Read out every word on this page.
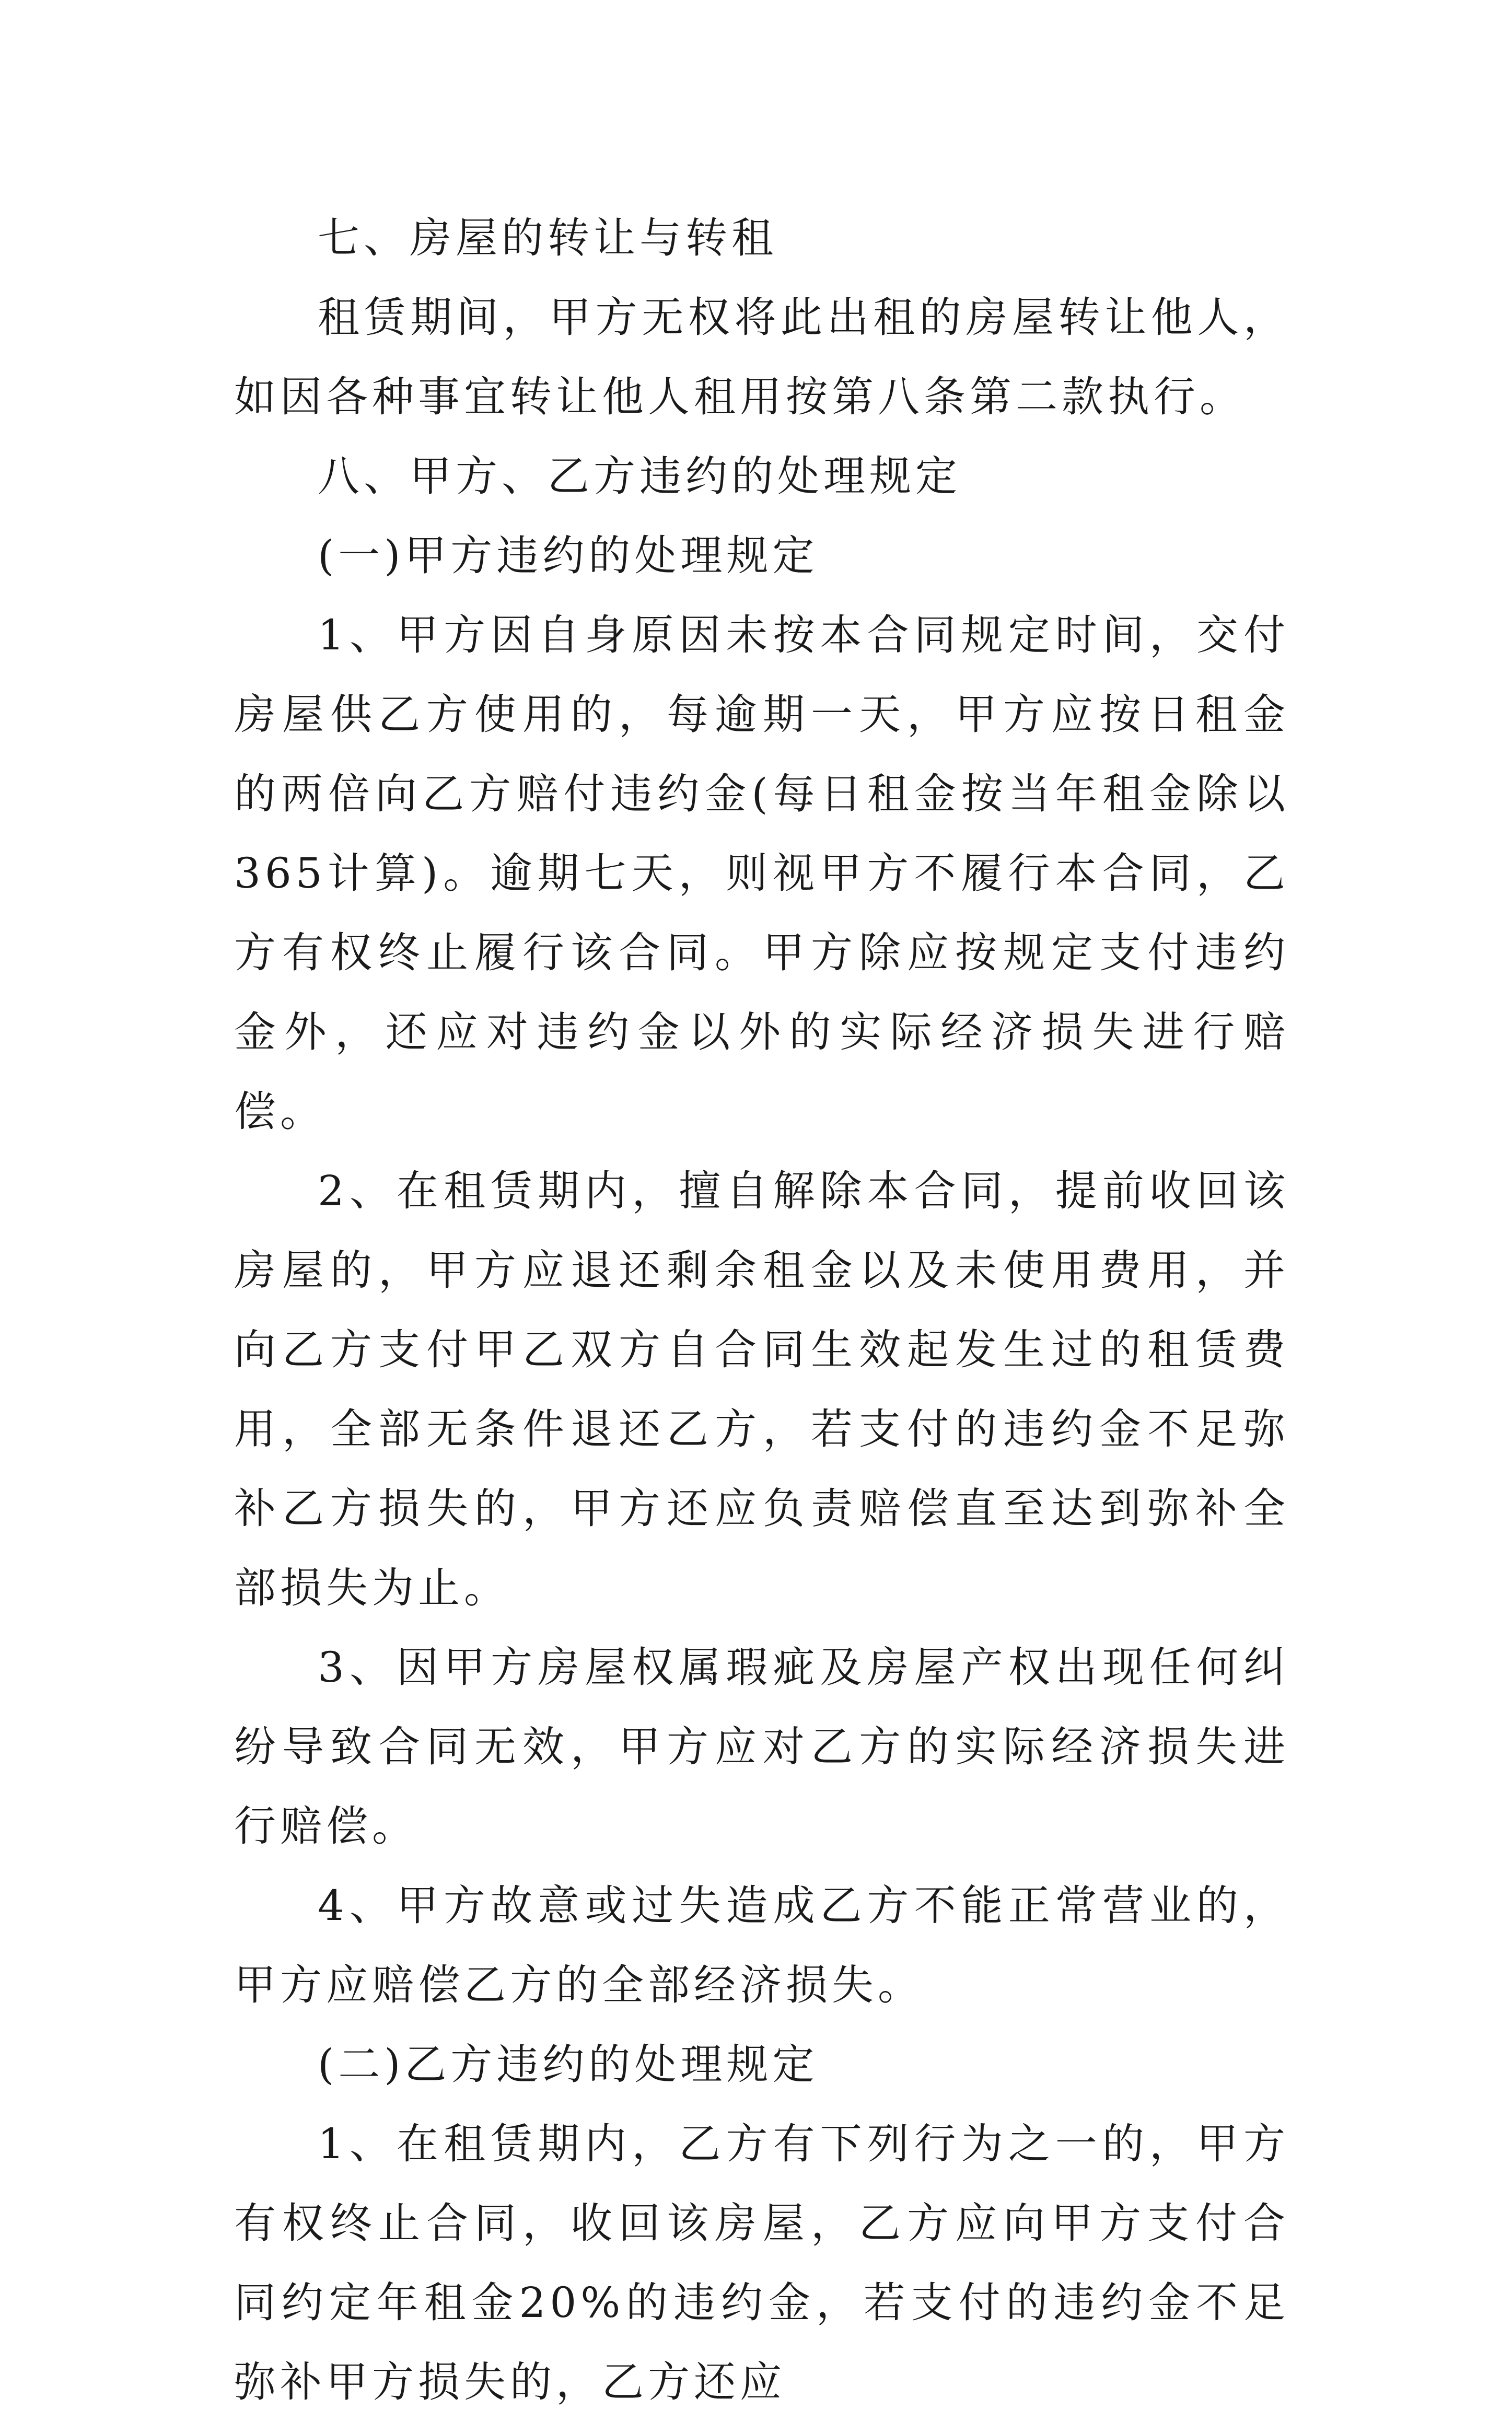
七、房屋的转让与转租

租赁期间，甲方无权将此出租的房屋转让他人，如因各种事宜转让他人租用按第八条第二款执行。

八、甲方、乙方违约的处理规定

(一)甲方违约的处理规定

1、甲方因自身原因未按本合同规定时间，交付房屋供乙方使用的，每逾期一天，甲方应按日租金的两倍向乙方赔付违约金(每日租金按当年租金除以365计算)。逾期七天，则视甲方不履行本合同，乙方有权终止履行该合同。甲方除应按规定支付违约金外，还应对违约金以外的实际经济损失进行赔偿。

2、在租赁期内，擅自解除本合同，提前收回该房屋的，甲方应退还剩余租金以及未使用费用，并向乙方支付甲乙双方自合同生效起发生过的租赁费用，全部无条件退还乙方，若支付的违约金不足弥补乙方损失的，甲方还应负责赔偿直至达到弥补全部损失为止。

3、因甲方房屋权属瑕疵及房屋产权出现任何纠纷导致合同无效，甲方应对乙方的实际经济损失进行赔偿。

4、甲方故意或过失造成乙方不能正常营业的，甲方应赔偿乙方的全部经济损失。

(二)乙方违约的处理规定

1、在租赁期内，乙方有下列行为之一的，甲方有权终止合同，收回该房屋，乙方应向甲方支付合同约定年租金20%的违约金，若支付的违约金不足弥补甲方损失的，乙方还应
